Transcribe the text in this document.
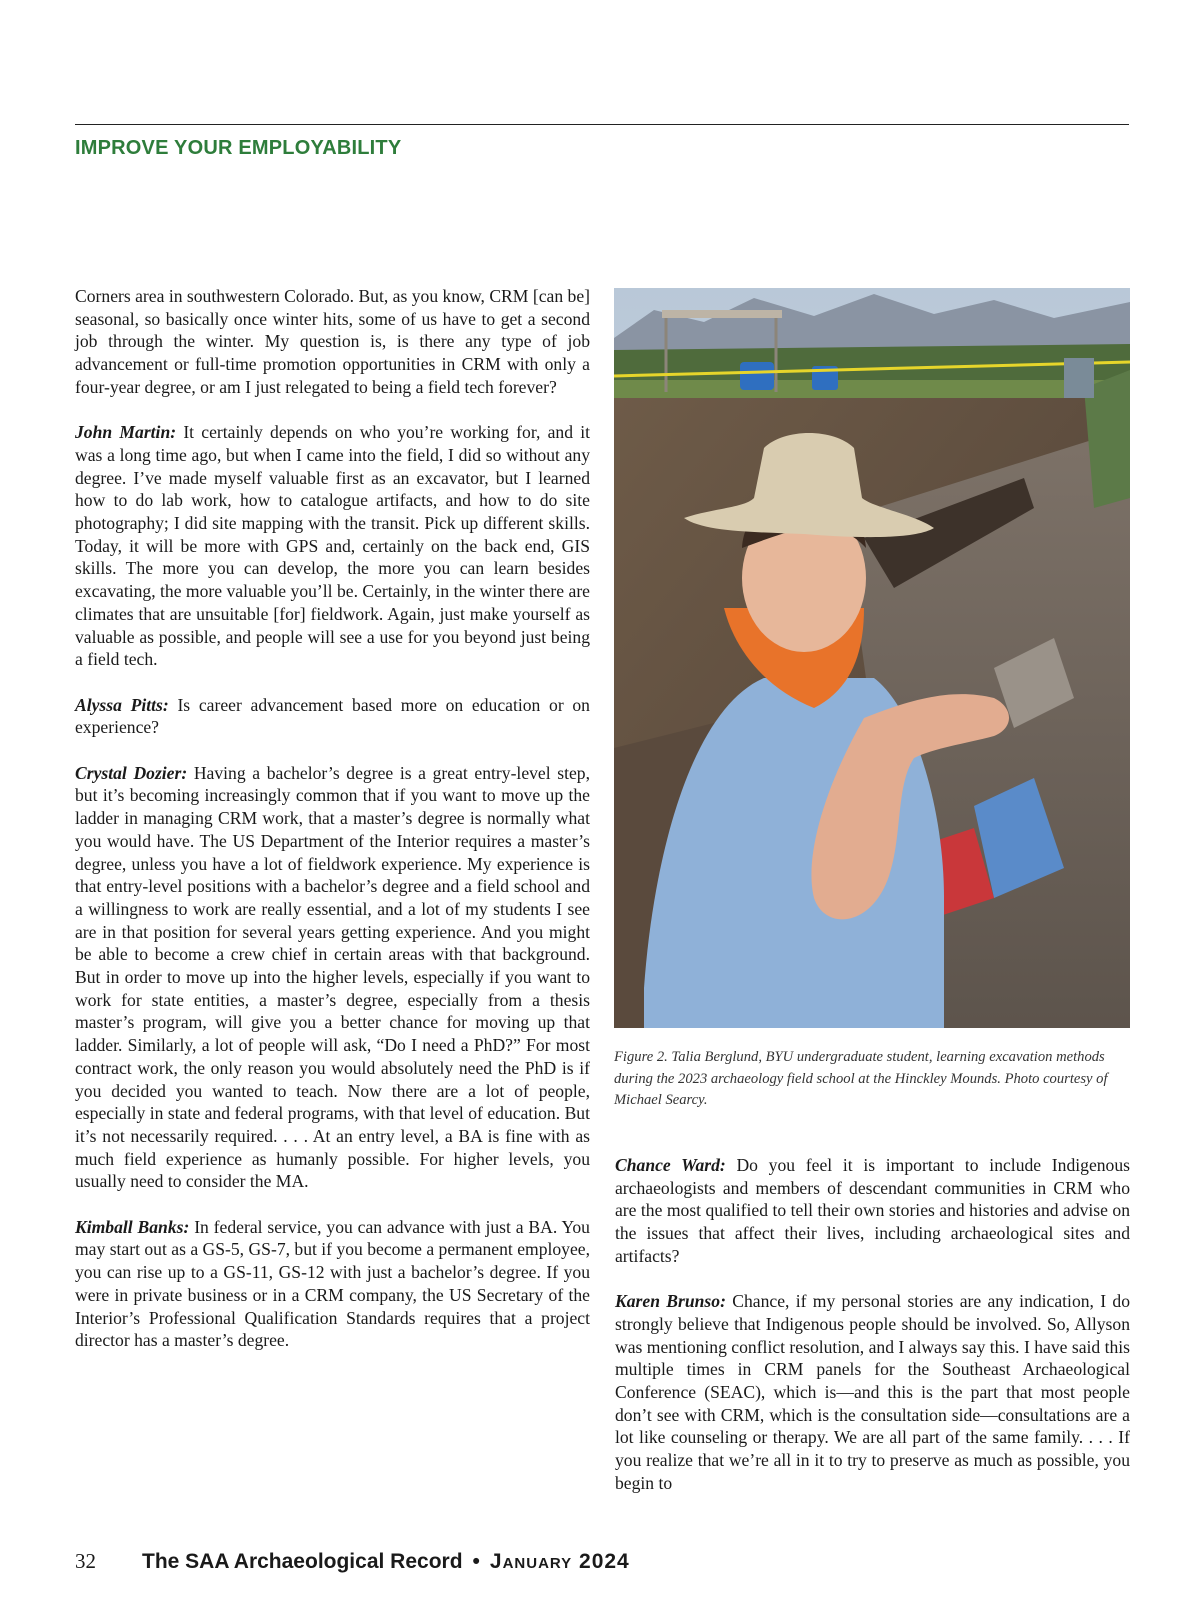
IMPROVE YOUR EMPLOYABILITY

Corners area in southwestern Colorado. But, as you know, CRM [can be] seasonal, so basically once winter hits, some of us have to get a second job through the winter. My question is, is there any type of job advancement or full-time promotion opportunities in CRM with only a four-year degree, or am I just relegated to being a field tech forever?

John Martin: It certainly depends on who you’re working for, and it was a long time ago, but when I came into the field, I did so without any degree. I’ve made myself valuable first as an excavator, but I learned how to do lab work, how to catalogue artifacts, and how to do site photography; I did site mapping with the transit. Pick up different skills. Today, it will be more with GPS and, certainly on the back end, GIS skills. The more you can develop, the more you can learn besides excavating, the more valuable you’ll be. Certainly, in the winter there are climates that are unsuitable [for] fieldwork. Again, just make yourself as valuable as possible, and people will see a use for you beyond just being a field tech.

Alyssa Pitts: Is career advancement based more on education or on experience?

Crystal Dozier: Having a bachelor’s degree is a great entry-level step, but it’s becoming increasingly common that if you want to move up the ladder in managing CRM work, that a master’s degree is normally what you would have. The US Department of the Interior requires a master’s degree, unless you have a lot of fieldwork experience. My experience is that entry-level positions with a bachelor’s degree and a field school and a willingness to work are really essential, and a lot of my students I see are in that position for several years getting experience. And you might be able to become a crew chief in certain areas with that background. But in order to move up into the higher levels, especially if you want to work for state entities, a master’s degree, especially from a thesis master’s program, will give you a better chance for moving up that ladder. Similarly, a lot of people will ask, “Do I need a PhD?” For most contract work, the only reason you would absolutely need the PhD is if you decided you wanted to teach. Now there are a lot of people, especially in state and federal programs, with that level of education. But it’s not necessarily required. . . . At an entry level, a BA is fine with as much field experience as humanly possible. For higher levels, you usually need to consider the MA.

Kimball Banks: In federal service, you can advance with just a BA. You may start out as a GS-5, GS-7, but if you become a permanent employee, you can rise up to a GS-11, GS-12 with just a bachelor’s degree. If you were in private business or in a CRM company, the US Secretary of the Interior’s Professional Qualification Standards requires that a project director has a master’s degree.

Figure 2. Talia Berglund, BYU undergraduate student, learning excavation methods during the 2023 archaeology field school at the Hinckley Mounds. Photo courtesy of Michael Searcy.

Chance Ward: Do you feel it is important to include Indigenous archaeologists and members of descendant communities in CRM who are the most qualified to tell their own stories and histories and advise on the issues that affect their lives, including archaeological sites and artifacts?

Karen Brunso: Chance, if my personal stories are any indication, I do strongly believe that Indigenous people should be involved. So, Allyson was mentioning conflict resolution, and I always say this. I have said this multiple times in CRM panels for the Southeast Archaeological Conference (SEAC), which is—and this is the part that most people don’t see with CRM, which is the consultation side—consultations are a lot like counseling or therapy. We are all part of the same family. . . . If you realize that we’re all in it to try to preserve as much as possible, you begin to

32 The SAA Archaeological Record • January 2024
